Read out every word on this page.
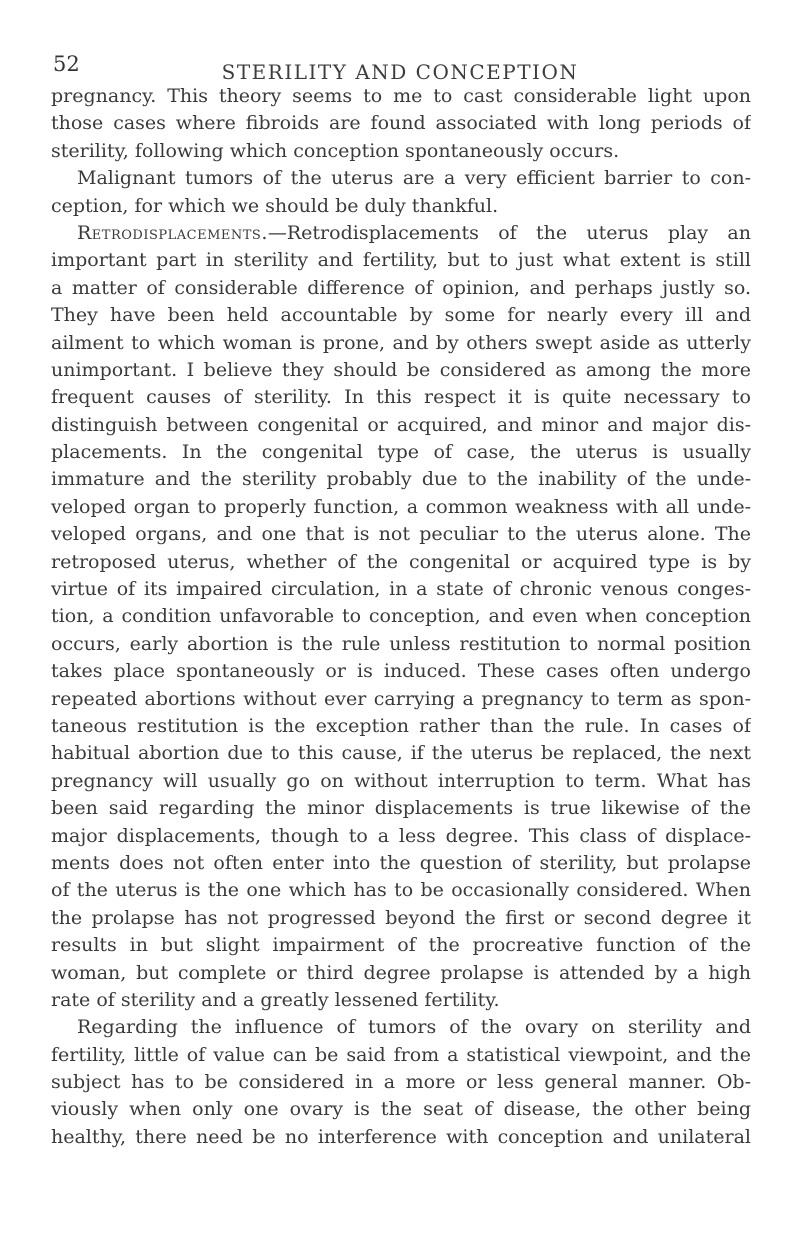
52	STERILITY AND CONCEPTION
pregnancy. This theory seems to me to cast considerable light upon
those cases where fibroids are found associated with long periods of
sterility, following which conception spontaneously occurs.
Malignant tumors of the uterus are a very efficient barrier to con-
ception, for which we should be duly thankful.
Retrodisplacements.—Retrodisplacements of the uterus play an
important part in sterility and fertility, but to just what extent is still
a matter of considerable difference of opinion, and perhaps justly so.
They have been held accountable by some for nearly every ill and
ailment to which woman is prone, and by others swept aside as utterly
unimportant. I believe they should be considered as among the more
frequent causes of sterility. In this respect it is quite necessary to
distinguish between congenital or acquired, and minor and major dis-
placements. In the congenital type of case, the uterus is usually
immature and the sterility probably due to the inability of the unde-
veloped organ to properly function, a common weakness with all unde-
veloped organs, and one that is not peculiar to the uterus alone. The
retroposed uterus, whether of the congenital or acquired type is by
virtue of its impaired circulation, in a state of chronic venous conges-
tion, a condition unfavorable to conception, and even when conception
occurs, early abortion is the rule unless restitution to normal position
takes place spontaneously or is induced. These cases often undergo
repeated abortions without ever carrying a pregnancy to term as spon-
taneous restitution is the exception rather than the rule. In cases of
habitual abortion due to this cause, if the uterus be replaced, the next
pregnancy will usually go on without interruption to term. What has
been said regarding the minor displacements is true likewise of the
major displacements, though to a less degree. This class of displace-
ments does not often enter into the question of sterility, but prolapse
of the uterus is the one which has to be occasionally considered. When
the prolapse has not progressed beyond the first or second degree it
results in but slight impairment of the procreative function of the
woman, but complete or third degree prolapse is attended by a high
rate of sterility and a greatly lessened fertility.
Regarding the influence of tumors of the ovary on sterility and
fertility, little of value can be said from a statistical viewpoint, and the
subject has to be considered in a more or less general manner. Ob-
viously when only one ovary is the seat of disease, the other being
healthy, there need be no interference with conception and unilateral
